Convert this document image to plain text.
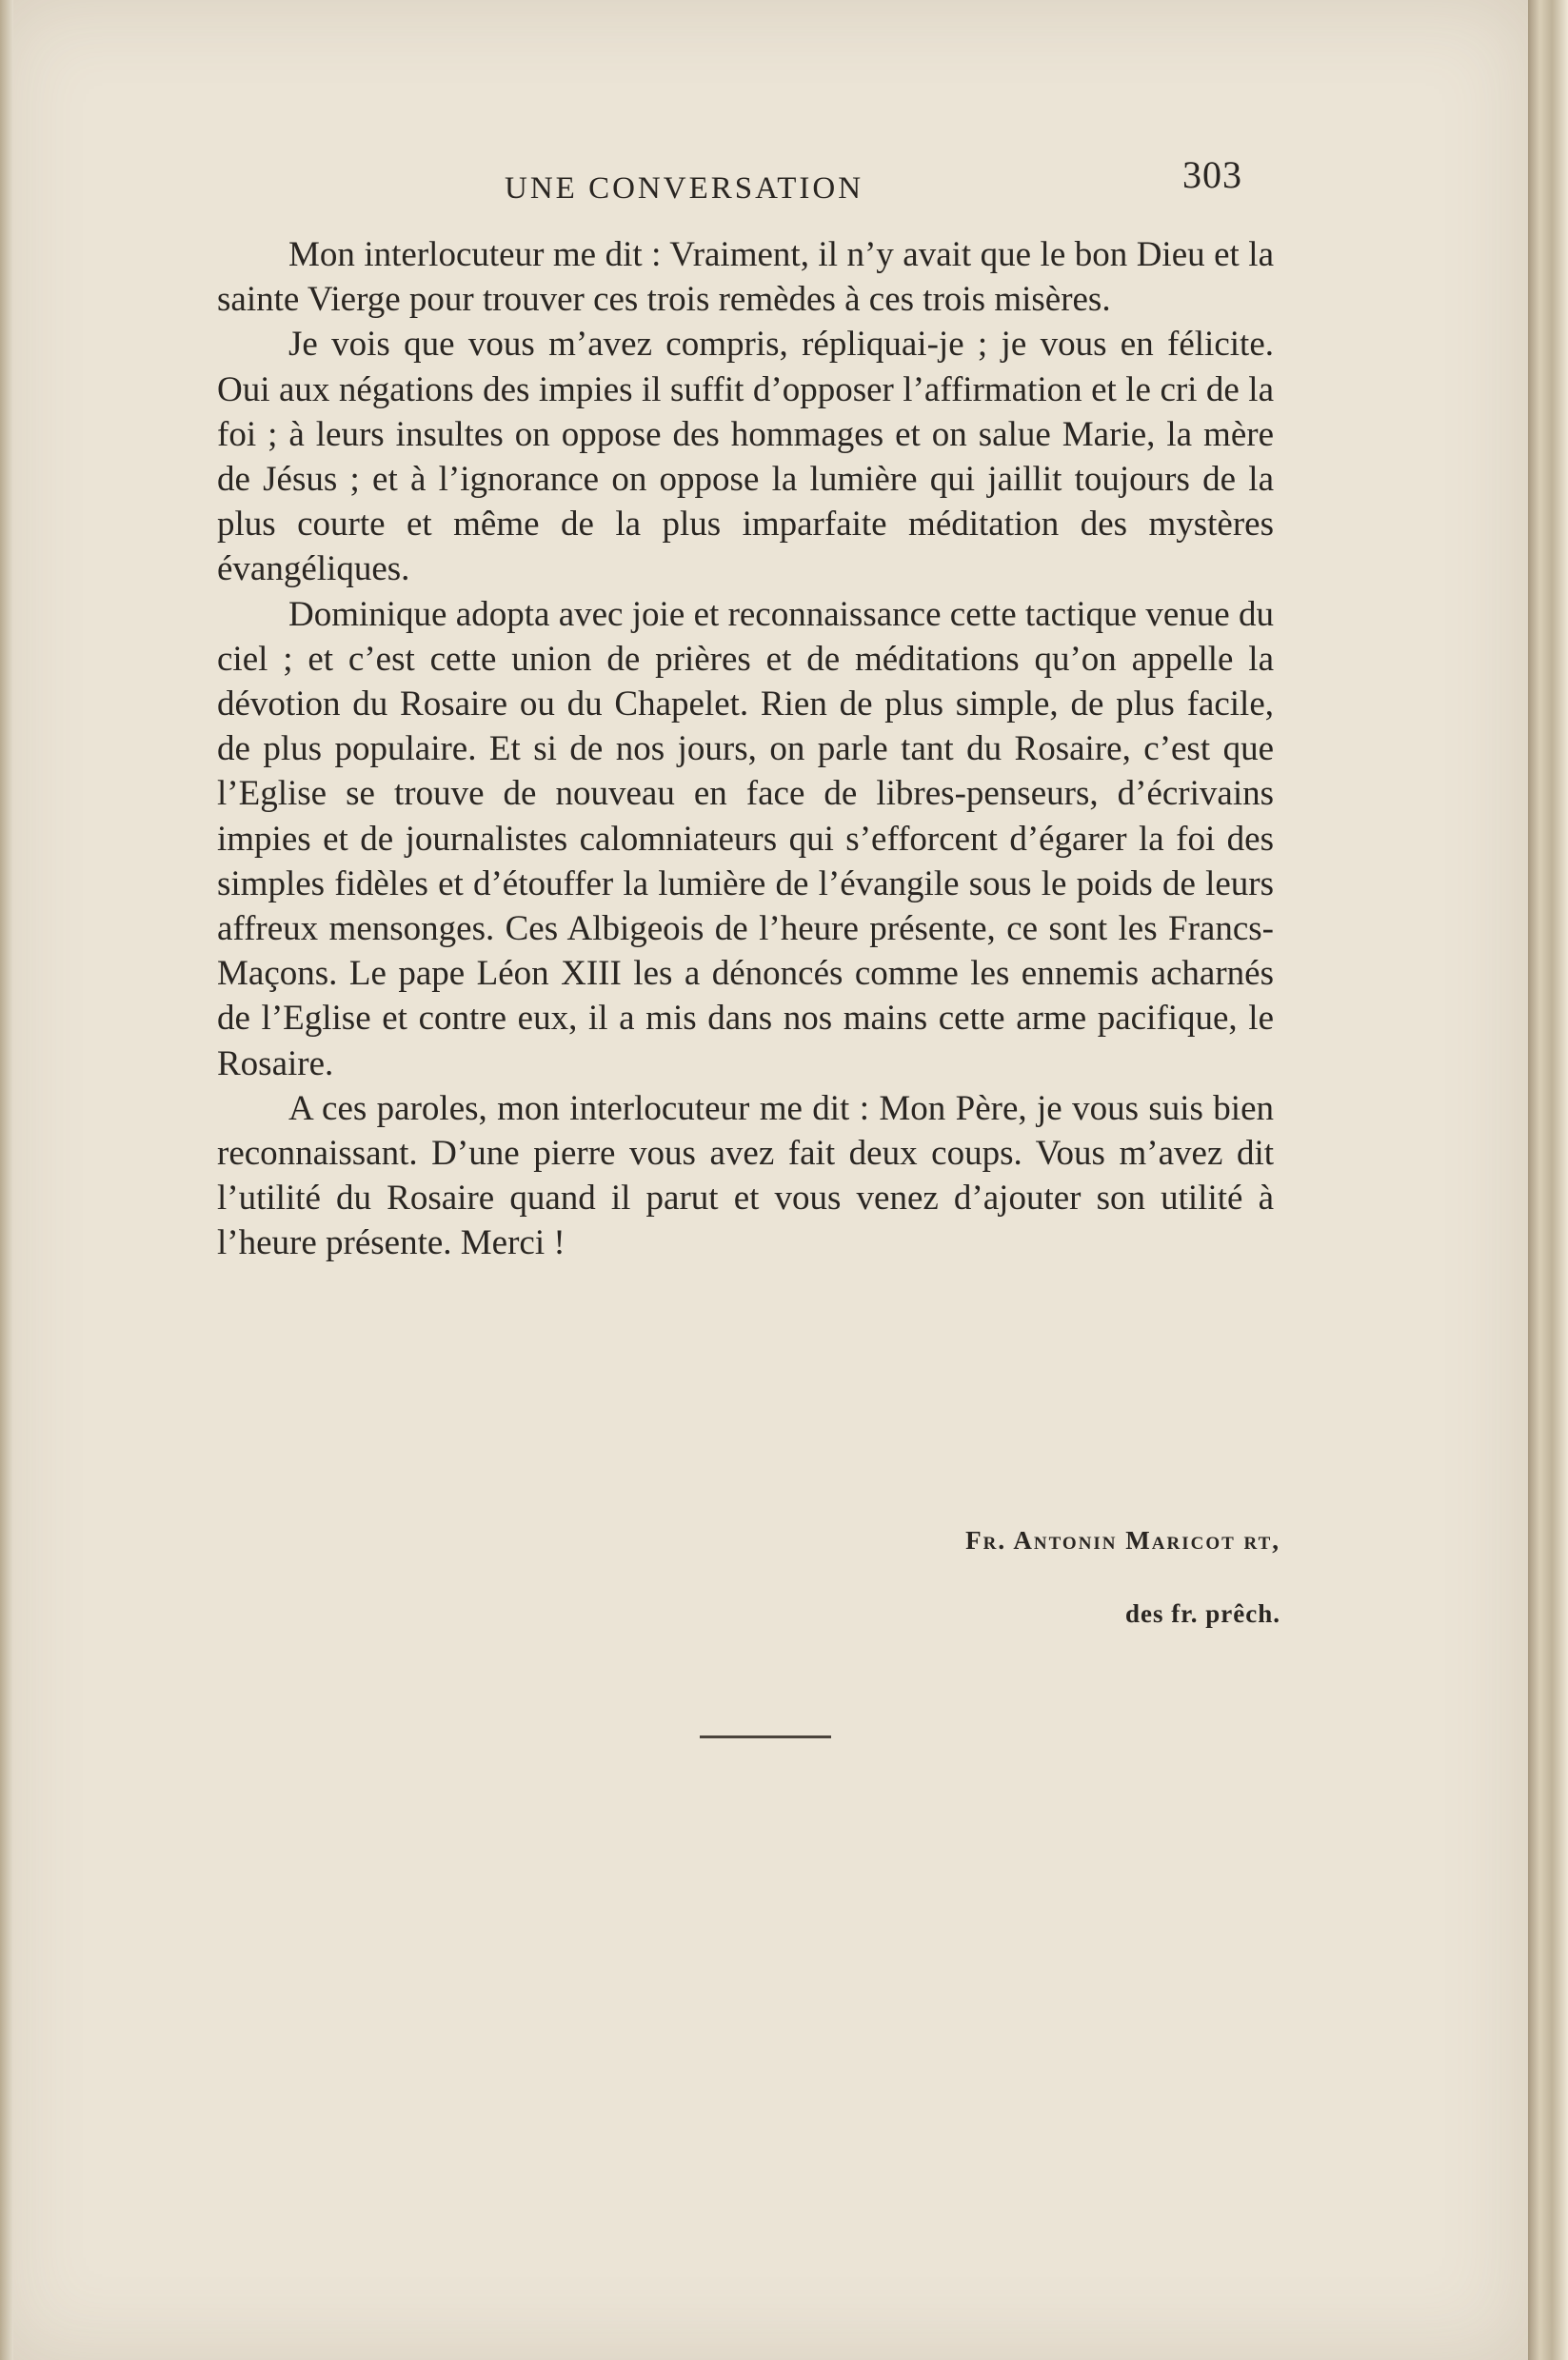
UNE CONVERSATION	303

Mon interlocuteur me dit : Vraiment, il n’y avait que le bon Dieu et la sainte Vierge pour trouver ces trois remèdes à ces trois misères.

Je vois que vous m’avez compris, répliquai-je ; je vous en félicite. Oui aux négations des impies il suffit d’opposer l’affirmation et le cri de la foi ; à leurs insultes on oppose des hommages et on salue Marie, la mère de Jésus ; et à l’ignorance on oppose la lumière qui jaillit toujours de la plus courte et même de la plus imparfaite méditation des mystères évangéliques.

Dominique adopta avec joie et reconnaissance cette tactique venue du ciel ; et c’est cette union de prières et de méditations qu’on appelle la dévotion du Rosaire ou du Chapelet. Rien de plus simple, de plus facile, de plus populaire. Et si de nos jours, on parle tant du Rosaire, c’est que l’Eglise se trouve de nouveau en face de libres-penseurs, d’écrivains impies et de journalistes calomniateurs qui s’efforcent d’égarer la foi des simples fidèles et d’étouffer la lumière de l’évangile sous le poids de leurs affreux mensonges. Ces Albigeois de l’heure présente, ce sont les Francs-Maçons. Le pape Léon XIII les a dénoncés comme les ennemis acharnés de l’Eglise et contre eux, il a mis dans nos mains cette arme pacifique, le Rosaire.

A ces paroles, mon interlocuteur me dit : Mon Père, je vous suis bien reconnaissant. D’une pierre vous avez fait deux coups. Vous m’avez dit l’utilité du Rosaire quand il parut et vous venez d’ajouter son utilité à l’heure présente. Merci !

Fr. Antonin Maricot rt,
des fr. prêch.
